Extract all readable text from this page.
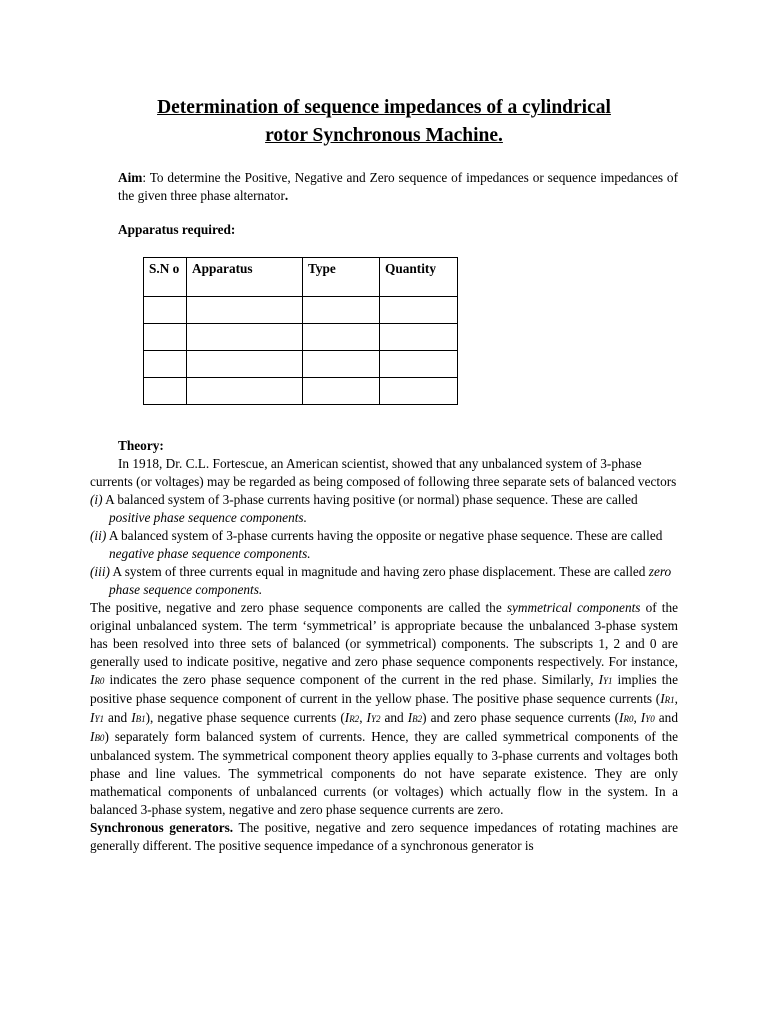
Determination of sequence impedances of a cylindrical
rotor Synchronous Machine.
Aim: To determine the Positive, Negative and Zero sequence of impedances or sequence impedances of the given three phase alternator.
Apparatus required:
S.N o	Apparatus	Type	Quantity

Theory:

In 1918, Dr. C.L. Fortescue, an American scientist, showed that any unbalanced system of 3-phase currents (or voltages) may be regarded as being composed of following three separate sets of balanced vectors

(i) A balanced system of 3-phase currents having positive (or normal) phase sequence. These are called positive phase sequence components.

(ii) A balanced system of 3-phase currents having the opposite or negative phase sequence. These are called negative phase sequence components.

(iii) A system of three currents equal in magnitude and having zero phase displacement. These are called zero phase sequence components.

The positive, negative and zero phase sequence components are called the symmetrical components of the original unbalanced system. The term ‘symmetrical’ is appropriate because the unbalanced 3-phase system has been resolved into three sets of balanced (or symmetrical) components. The subscripts 1, 2 and 0 are generally used to indicate positive, negative and zero phase sequence components respectively. For instance, IR0 indicates the zero phase sequence component of the current in the red phase. Similarly, IY1 implies the positive phase sequence component of current in the yellow phase. The positive phase sequence currents (IR1, IY1 and IB1), negative phase sequence currents (IR2, IY2 and IB2) and zero phase sequence currents (IR0, IY0 and IB0) separately form balanced system of currents. Hence, they are called symmetrical components of the unbalanced system. The symmetrical component theory applies equally to 3-phase currents and voltages both phase and line values. The symmetrical components do not have separate existence. They are only mathematical components of unbalanced currents (or voltages) which actually flow in the system. In a balanced 3-phase system, negative and zero phase sequence currents are zero.

Synchronous generators. The positive, negative and zero sequence impedances of rotating machines are generally different. The positive sequence impedance of a synchronous generator is
